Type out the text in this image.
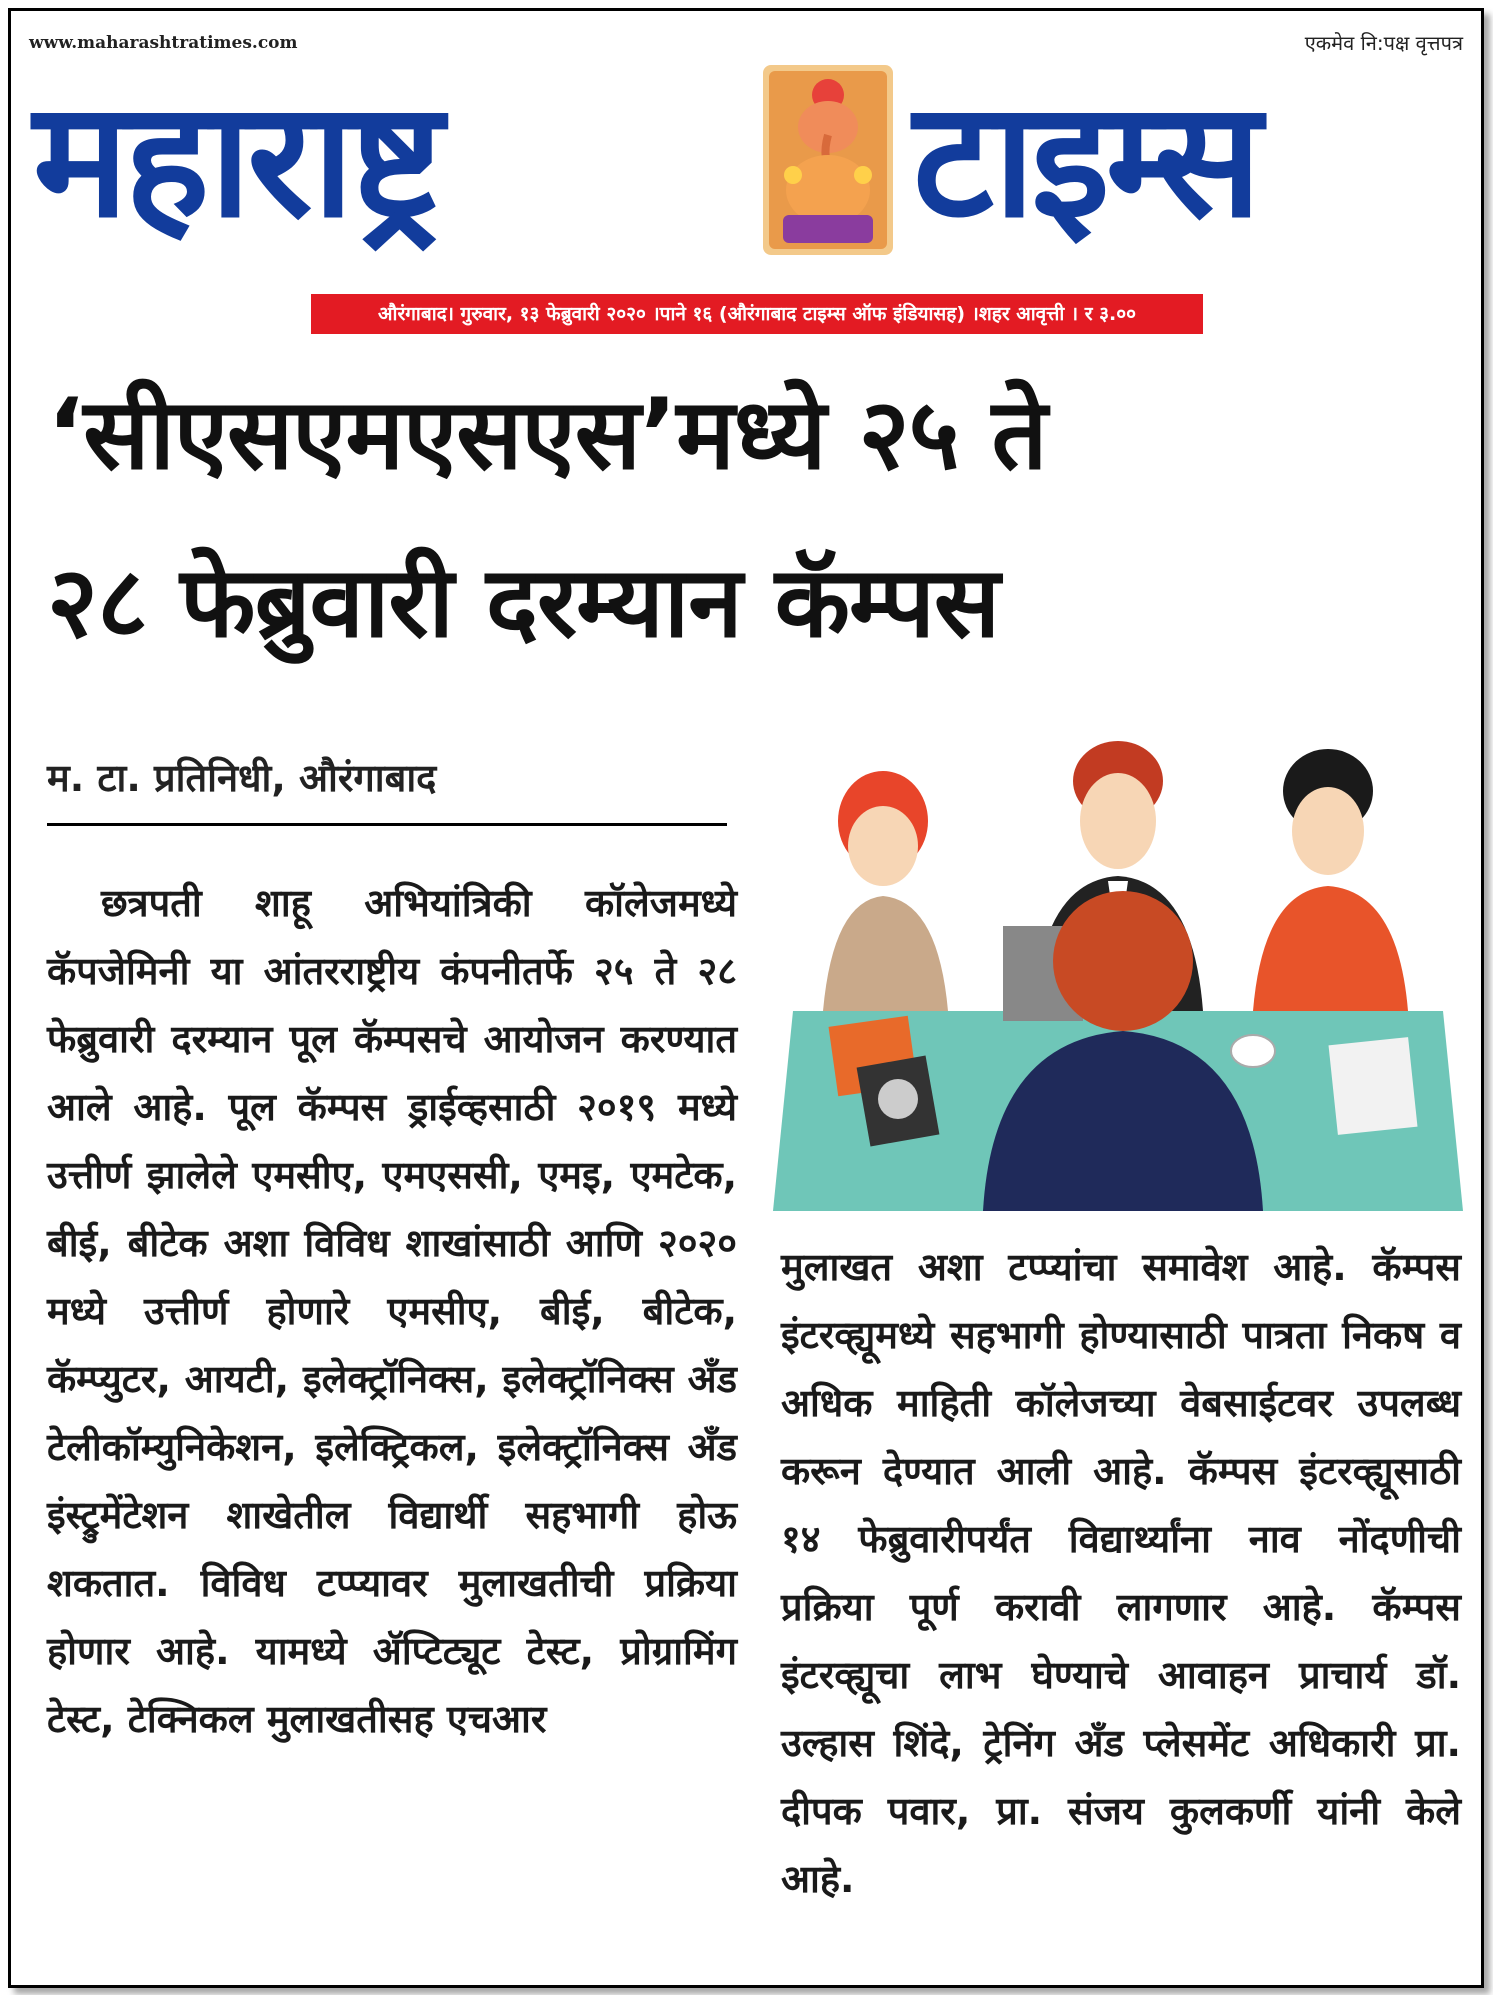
www.maharashtratimes.com	एकमेव नि:पक्ष वृत्तपत्र
महाराष्ट्र	टाइम्स
औरंगाबाद। गुरुवार, १३ फेब्रुवारी २०२० ।पाने १६ (औरंगाबाद टाइम्स ऑफ इंडियासह) ।शहर आवृत्ती । र ३.००
‘सीएसएमएसएस’मध्ये २५ ते
२८ फेब्रुवारी दरम्यान कॅम्पस
म. टा. प्रतिनिधी, औरंगाबाद
छत्रपती शाहू अभियांत्रिकी कॉलेजमध्ये कॅपजेमिनी या आंतरराष्ट्रीय कंपनीतर्फे २५ ते २८ फेब्रुवारी दरम्यान पूल कॅम्पसचे आयोजन करण्यात आले आहे. पूल कॅम्पस ड्राईव्हसाठी २०१९ मध्ये उत्तीर्ण झालेले एमसीए, एमएससी, एमइ, एमटेक, बीई, बीटेक अशा विविध शाखांसाठी आणि २०२० मध्ये उत्तीर्ण होणारे एमसीए, बीई, बीटेक, कॅम्प्युटर, आयटी, इलेक्ट्रॉनिक्स, इलेक्ट्रॉनिक्स अँड टेलीकॉम्युनिकेशन, इलेक्ट्रिकल, इलेक्ट्रॉनिक्स अँड इंस्ट्रुमेंटेशन शाखेतील विद्यार्थी सहभागी होऊ शकतात. विविध टप्प्यावर मुलाखतीची प्रक्रिया होणार आहे. यामध्ये ॲप्टिट्यूट टेस्ट, प्रोग्रामिंग टेस्ट, टेक्निकल मुलाखतीसह एचआर
मुलाखत अशा टप्प्यांचा समावेश आहे. कॅम्पस इंटरव्ह्यूमध्ये सहभागी होण्यासाठी पात्रता निकष व अधिक माहिती कॉलेजच्या वेबसाईटवर उपलब्ध करून देण्यात आली आहे. कॅम्पस इंटरव्ह्यूसाठी १४ फेब्रुवारीपर्यंत विद्यार्थ्यांना नाव नोंदणीची प्रक्रिया पूर्ण करावी लागणार आहे. कॅम्पस इंटरव्ह्यूचा लाभ घेण्याचे आवाहन प्राचार्य डॉ. उल्हास शिंदे, ट्रेनिंग अँड प्लेसमेंट अधिकारी प्रा. दीपक पवार, प्रा. संजय कुलकर्णी यांनी केले आहे.
